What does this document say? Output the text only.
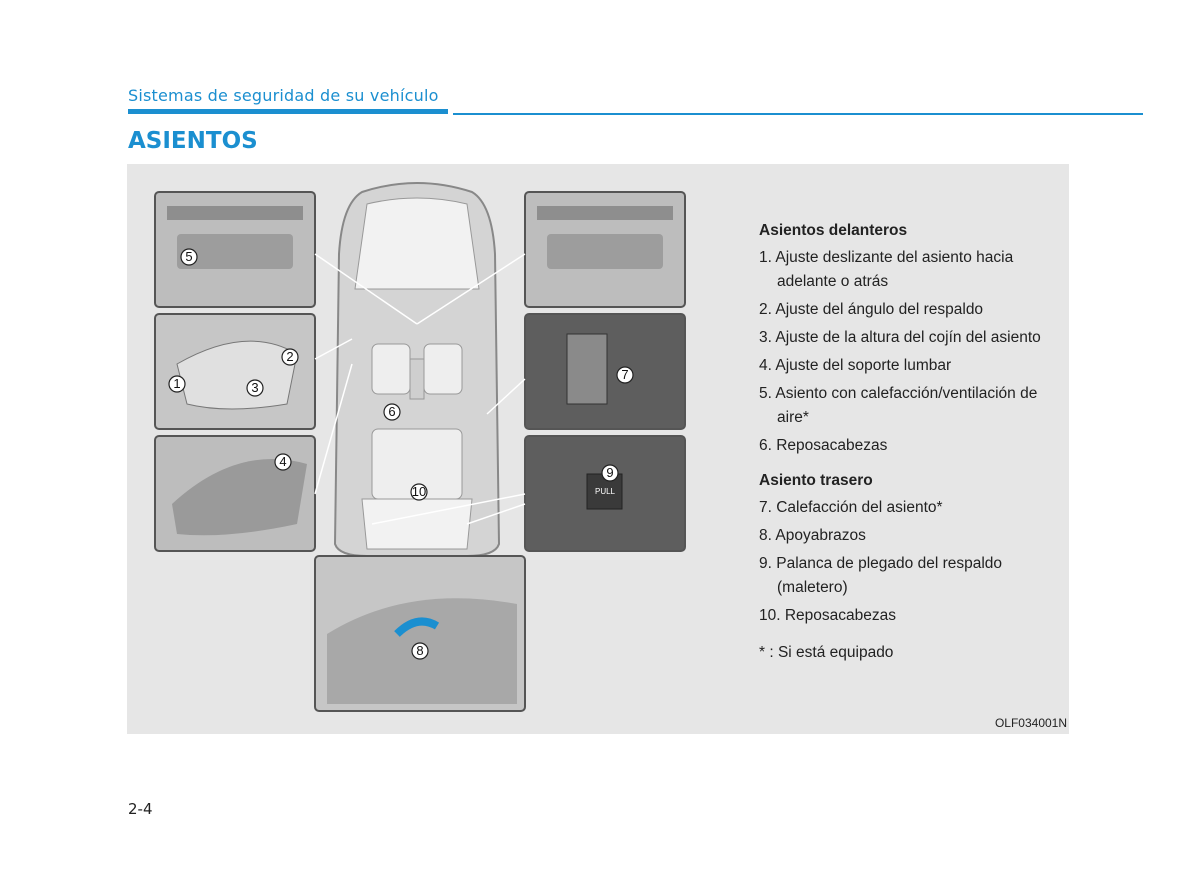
Sistemas de seguridad de su vehículo
ASIENTOS
PULL
1
2
3
4
5
6
7
8
9
10
Asientos delanteros
1. Ajuste deslizante del asiento hacia adelante o atrás
2. Ajuste del ángulo del respaldo
3. Ajuste de la altura del cojín del asiento
4. Ajuste del soporte lumbar
5. Asiento con calefacción/ventilación de aire*
6. Reposacabezas
Asiento trasero
7. Calefacción del asiento*
8. Apoyabrazos
9. Palanca de plegado del respaldo (maletero)
10. Reposacabezas
* : Si está equipado
OLF034001N
2-4
